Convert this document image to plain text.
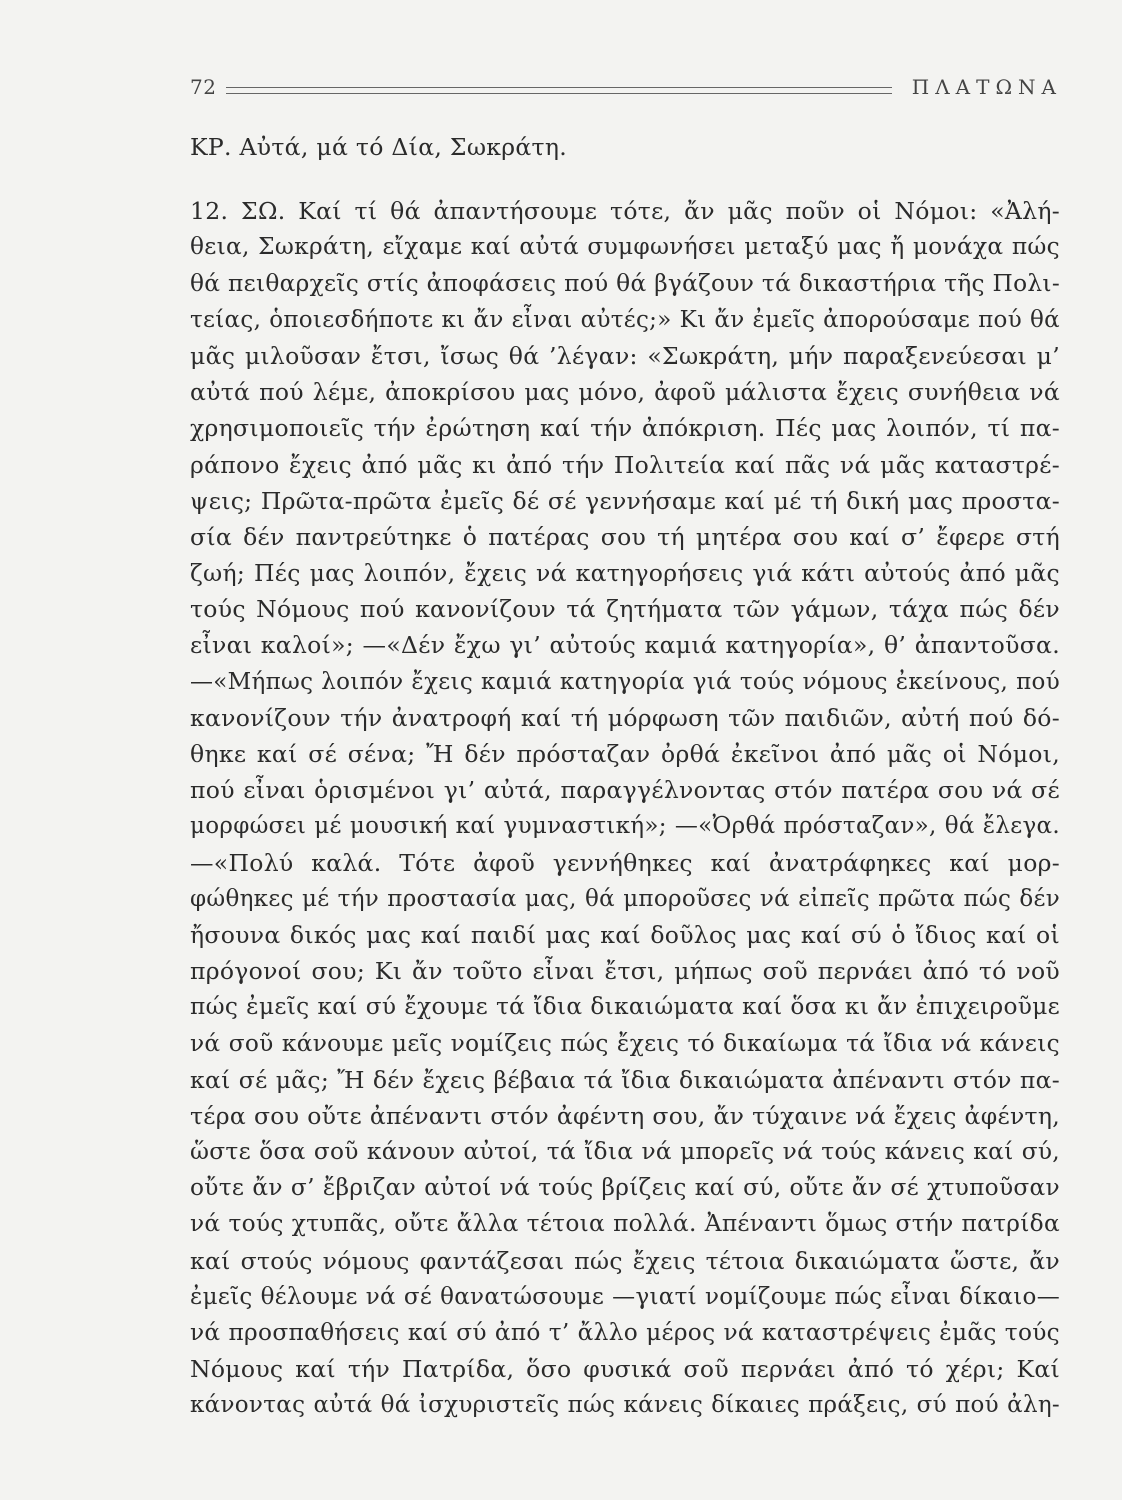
72	ΠΛΑΤΩΝΑ
ΚΡ. Αὐτά, μά τό Δία, Σωκράτη.
12. ΣΩ. Καί τί θά ἀπαντήσουμε τότε, ἄν μᾶς ποῦν οἱ Νόμοι: «Ἀλή-
θεια, Σωκράτη, εἴχαμε καί αὐτά συμφωνήσει μεταξύ μας ἤ μονάχα πώς
θά πειθαρχεῖς στίς ἀποφάσεις πού θά βγάζουν τά δικαστήρια τῆς Πολι-
τείας, ὁποιεσδήποτε κι ἄν εἶναι αὐτές;» Κι ἄν ἐμεῖς ἀπορούσαμε πού θά
μᾶς μιλοῦσαν ἔτσι, ἴσως θά ’λέγαν: «Σωκράτη, μήν παραξενεύεσαι μ’
αὐτά πού λέμε, ἀποκρίσου μας μόνο, ἀφοῦ μάλιστα ἔχεις συνήθεια νά
χρησιμοποιεῖς τήν ἐρώτηση καί τήν ἀπόκριση. Πές μας λοιπόν, τί πα-
ράπονο ἔχεις ἀπό μᾶς κι ἀπό τήν Πολιτεία καί πᾶς νά μᾶς καταστρέ-
ψεις; Πρῶτα-πρῶτα ἐμεῖς δέ σέ γεννήσαμε καί μέ τή δική μας προστα-
σία δέν παντρεύτηκε ὁ πατέρας σου τή μητέρα σου καί σ’ ἔφερε στή
ζωή; Πές μας λοιπόν, ἔχεις νά κατηγορήσεις γιά κάτι αὐτούς ἀπό μᾶς
τούς Νόμους πού κανονίζουν τά ζητήματα τῶν γάμων, τάχα πώς δέν
εἶναι καλοί»; —«Δέν ἔχω γι’ αὐτούς καμιά κατηγορία», θ’ ἀπαντοῦσα.
—«Μήπως λοιπόν ἔχεις καμιά κατηγορία γιά τούς νόμους ἐκείνους, πού
κανονίζουν τήν ἀνατροφή καί τή μόρφωση τῶν παιδιῶν, αὐτή πού δό-
θηκε καί σέ σένα; Ἤ δέν πρόσταζαν ὀρθά ἐκεῖνοι ἀπό μᾶς οἱ Νόμοι,
πού εἶναι ὁρισμένοι γι’ αὐτά, παραγγέλνοντας στόν πατέρα σου νά σέ
μορφώσει μέ μουσική καί γυμναστική»; —«Ὀρθά πρόσταζαν», θά ἔλεγα.
—«Πολύ καλά. Τότε ἀφοῦ γεννήθηκες καί ἀνατράφηκες καί μορ-
φώθηκες μέ τήν προστασία μας, θά μποροῦσες νά εἰπεῖς πρῶτα πώς δέν
ἤσουνα δικός μας καί παιδί μας καί δοῦλος μας καί σύ ὁ ἴδιος καί οἱ
πρόγονοί σου; Κι ἄν τοῦτο εἶναι ἔτσι, μήπως σοῦ περνάει ἀπό τό νοῦ
πώς ἐμεῖς καί σύ ἔχουμε τά ἴδια δικαιώματα καί ὅσα κι ἄν ἐπιχειροῦμε
νά σοῦ κάνουμε μεῖς νομίζεις πώς ἔχεις τό δικαίωμα τά ἴδια νά κάνεις
καί σέ μᾶς; Ἤ δέν ἔχεις βέβαια τά ἴδια δικαιώματα ἀπέναντι στόν πα-
τέρα σου οὔτε ἀπέναντι στόν ἀφέντη σου, ἄν τύχαινε νά ἔχεις ἀφέντη,
ὥστε ὅσα σοῦ κάνουν αὐτοί, τά ἴδια νά μπορεῖς νά τούς κάνεις καί σύ,
οὔτε ἄν σ’ ἔβριζαν αὐτοί νά τούς βρίζεις καί σύ, οὔτε ἄν σέ χτυποῦσαν
νά τούς χτυπᾶς, οὔτε ἄλλα τέτοια πολλά. Ἀπέναντι ὅμως στήν πατρίδα
καί στούς νόμους φαντάζεσαι πώς ἔχεις τέτοια δικαιώματα ὥστε, ἄν
ἐμεῖς θέλουμε νά σέ θανατώσουμε —γιατί νομίζουμε πώς εἶναι δίκαιο—
νά προσπαθήσεις καί σύ ἀπό τ’ ἄλλο μέρος νά καταστρέψεις ἐμᾶς τούς
Νόμους καί τήν Πατρίδα, ὅσο φυσικά σοῦ περνάει ἀπό τό χέρι; Καί
κάνοντας αὐτά θά ἰσχυριστεῖς πώς κάνεις δίκαιες πράξεις, σύ πού ἀλη-
